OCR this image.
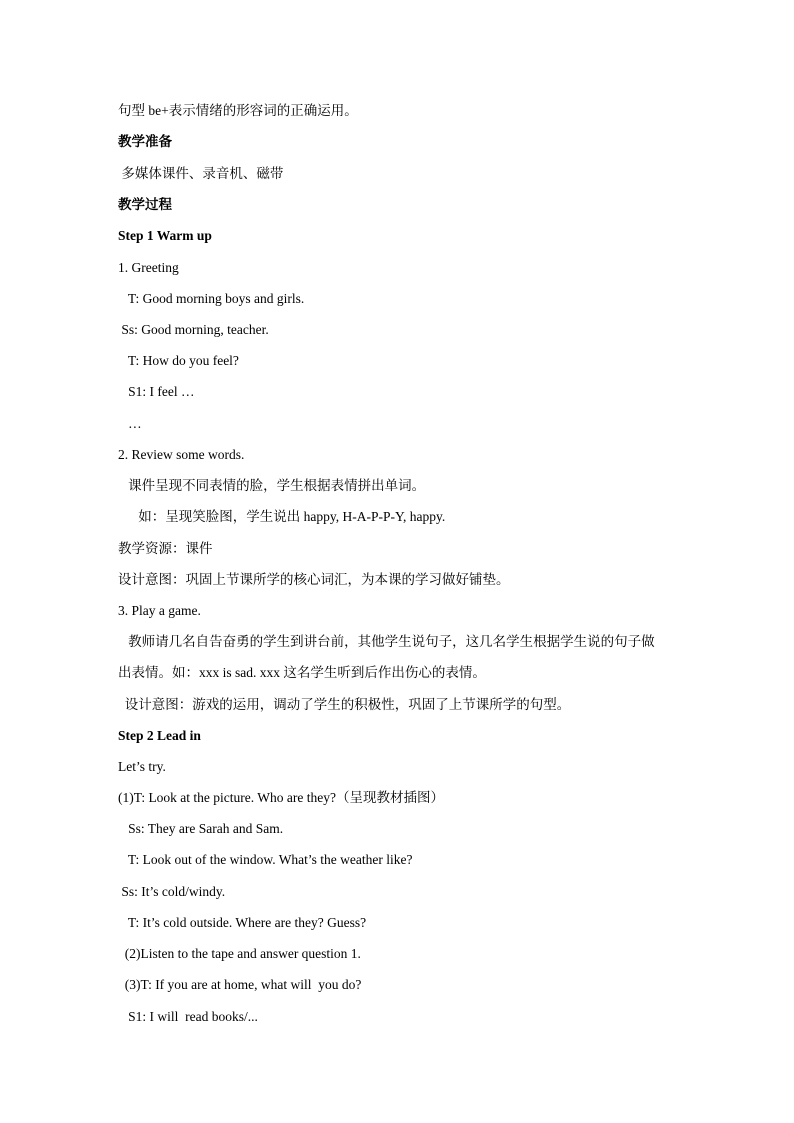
句型 be+表示情绪的形容词的正确运用。
教学准备
多媒体课件、录音机、磁带
教学过程
Step 1 Warm up
1. Greeting
T: Good morning boys and girls.
Ss: Good morning, teacher.
T: How do you feel?
S1: I feel …
…
2. Review some words.
课件呈现不同表情的脸，学生根据表情拼出单词。
如：呈现笑脸图，学生说出 happy, H-A-P-P-Y, happy.
教学资源：课件
设计意图：巩固上节课所学的核心词汇，为本课的学习做好铺垫。
3. Play a game.
教师请几名自告奋勇的学生到讲台前，其他学生说句子，这几名学生根据学生说的句子做
出表情。如：xxx is sad. xxx 这名学生听到后作出伤心的表情。
设计意图：游戏的运用，调动了学生的积极性，巩固了上节课所学的句型。
Step 2 Lead in
Let’s try.
(1)T: Look at the picture. Who are they?（呈现教材插图）
Ss: They are Sarah and Sam.
T: Look out of the window. What’s the weather like?
Ss: It’s cold/windy.
T: It’s cold outside. Where are they? Guess?
(2)Listen to the tape and answer question 1.
(3)T: If you are at home, what will  you do?
S1: I will  read books/...
